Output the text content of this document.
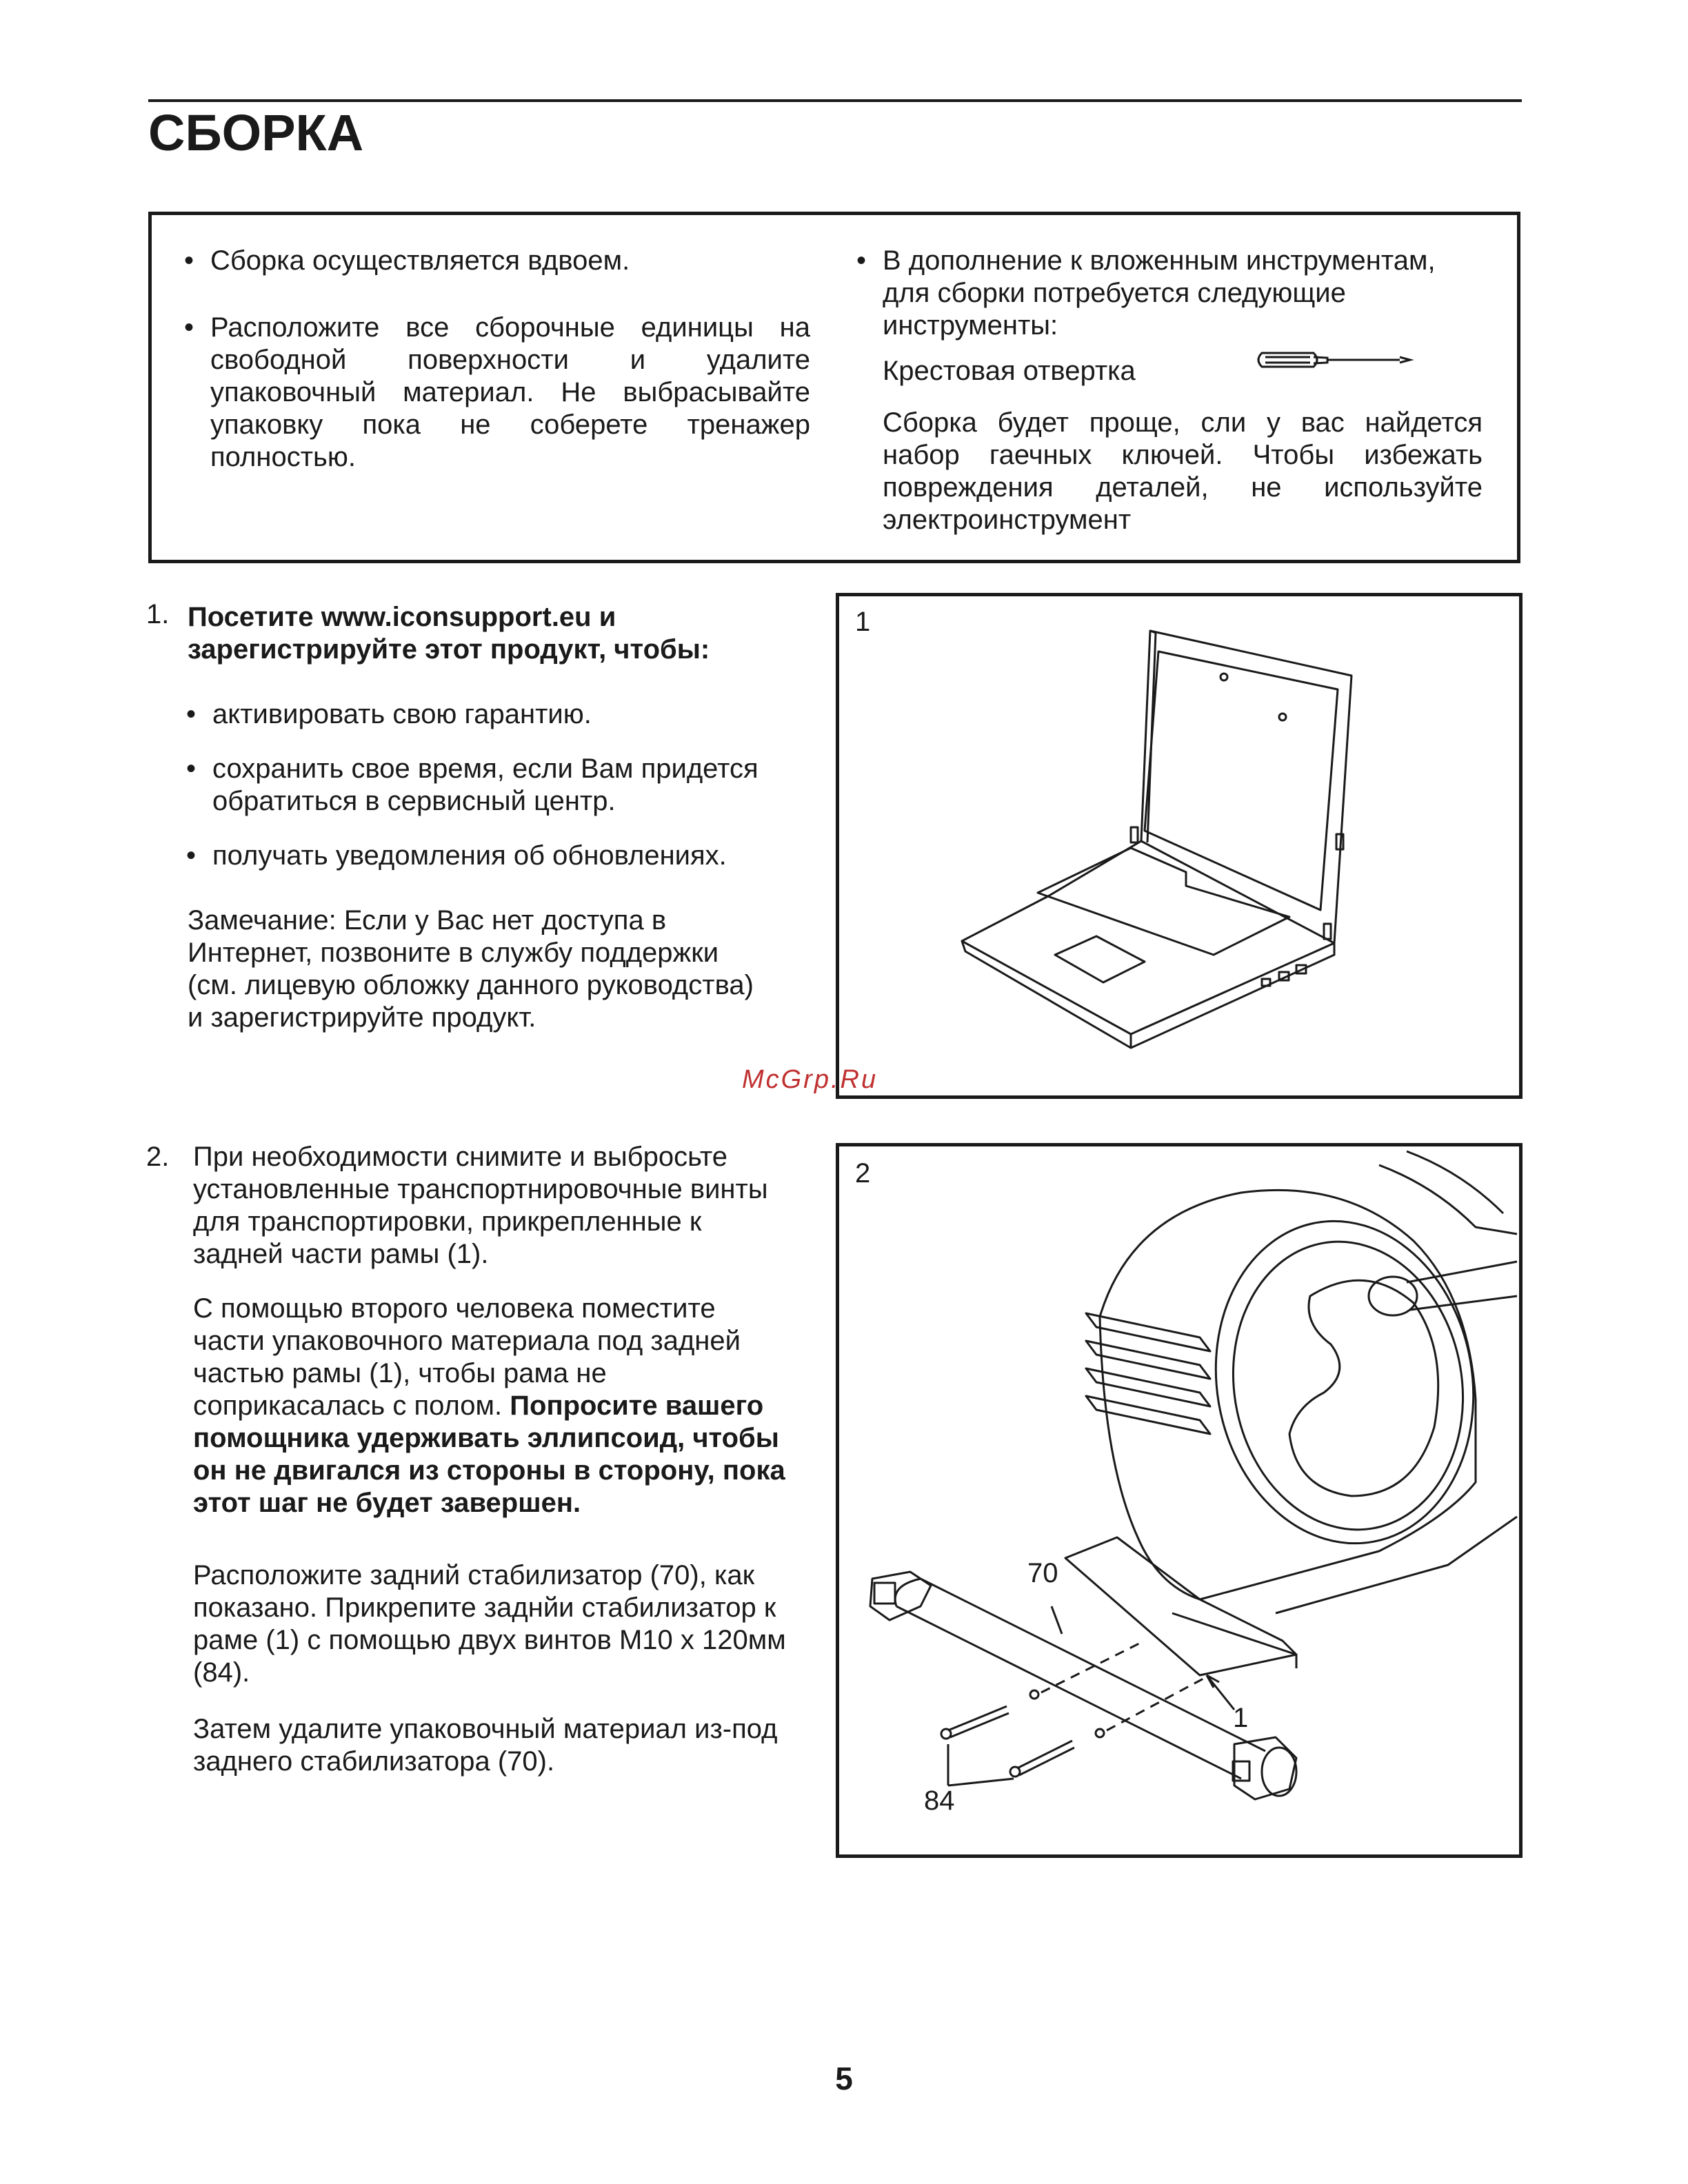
СБОРКА
• Сборка осуществляется вдвоем.
• Расположите все сборочные единицы на свободной поверхности и удалите упаковочный материал. Не выбрасывайте упаковку пока не соберете тренажер полностью.
• В дополнение к вложенным инструментам, для сборки потребуется следующие инструменты:
Крестовая отвертка
Сборка будет проще, сли у вас найдется набор гаечных ключей. Чтобы избежать повреждения деталей, не используйте электроинструмент
1. Посетите www.iconsupport.eu и зарегистрируйте этот продукт, чтобы:
• активировать свою гарантию.
• сохранить свое время, если Вам придется обратиться в сервисный центр.
• получать уведомления об обновлениях.
Замечание: Если у Вас нет доступа в Интернет, позвоните в службу поддержки (см. лицевую обложку данного руководства) и зарегистрируйте продукт.
1
McGrp.Ru
2. При необходимости снимите и выбросьте установленные транспортнировочные винты для транспортировки, прикрепленные к задней части рамы (1).
С помощью второго человека поместите части упаковочного материала под задней частью рамы (1), чтобы рама не соприкасалась с полом. Попросите вашего помощника удерживать эллипсоид, чтобы он не двигался из стороны в сторону, пока этот шаг не будет завершен.
Расположите задний стабилизатор (70), как показано. Прикрепите заднйи стабилизатор к раме (1) с помощью двух винтов M10 x 120мм (84).
Затем удалите упаковочный материал из-под заднего стабилизатора (70).
2
70
1
84
5
